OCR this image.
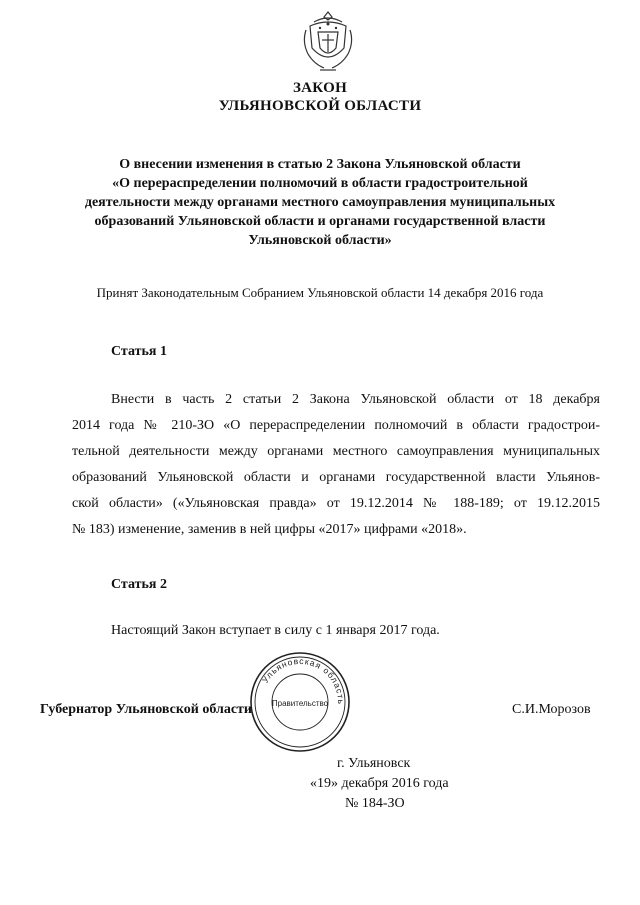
ЗАКОН
УЛЬЯНОВСКОЙ ОБЛАСТИ
О внесении изменения в статью 2 Закона Ульяновской области
«О перераспределении полномочий в области градостроительной
деятельности между органами местного самоуправления муниципальных
образований Ульяновской области и органами государственной власти
Ульяновской области»
Принят Законодательным Собранием Ульяновской области 14 декабря 2016 года
Статья 1
Внести в часть 2 статьи 2 Закона Ульяновской области от 18 декабря
2014 года № 210-ЗО «О перераспределении полномочий в области градострои-
тельной деятельности между органами местного самоуправления муниципальных
образований Ульяновской области и органами государственной власти Ульянов-
ской области» («Ульяновская правда» от 19.12.2014 № 188-189; от 19.12.2015
№ 183) изменение, заменив в ней цифры «2017» цифрами «2018».
Статья 2
Настоящий Закон вступает в силу с 1 января 2017 года.
Губернатор Ульяновской области	С.И.Морозов
Ульяновская область
Правительство
г. Ульяновск
«19» декабря 2016 года
№ 184-ЗО
